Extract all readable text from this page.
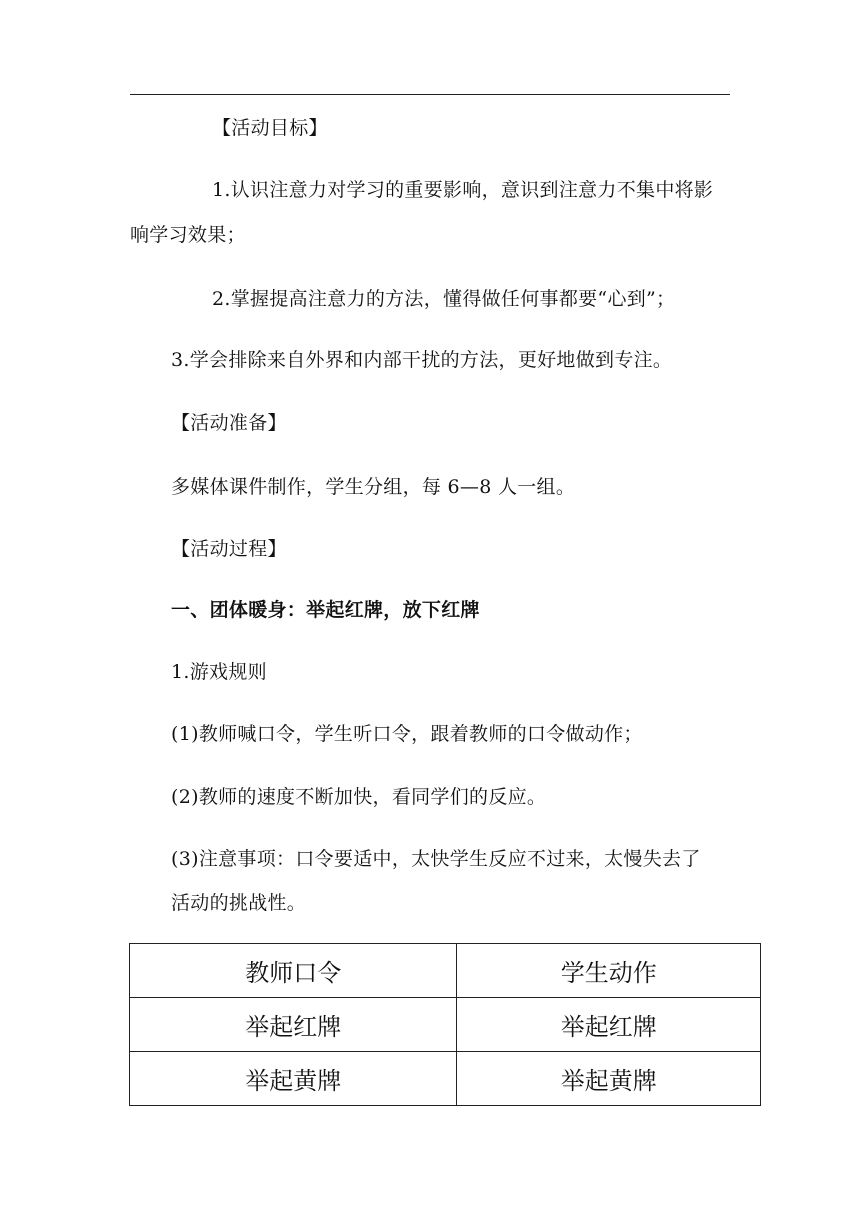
【活动目标】
1.认识注意力对学习的重要影响，意识到注意力不集中将影
响学习效果；
2.掌握提高注意力的方法，懂得做任何事都要“心到”；
3.学会排除来自外界和内部干扰的方法，更好地做到专注。
【活动准备】
多媒体课件制作，学生分组，每 6—8 人一组。
【活动过程】
一、团体暖身：举起红牌，放下红牌
1.游戏规则
(1)教师喊口令，学生听口令，跟着教师的口令做动作；
(2)教师的速度不断加快，看同学们的反应。
(3)注意事项：口令要适中，太快学生反应不过来，太慢失去了
活动的挑战性。
教师口令	学生动作
举起红牌	举起红牌
举起黄牌	举起黄牌
